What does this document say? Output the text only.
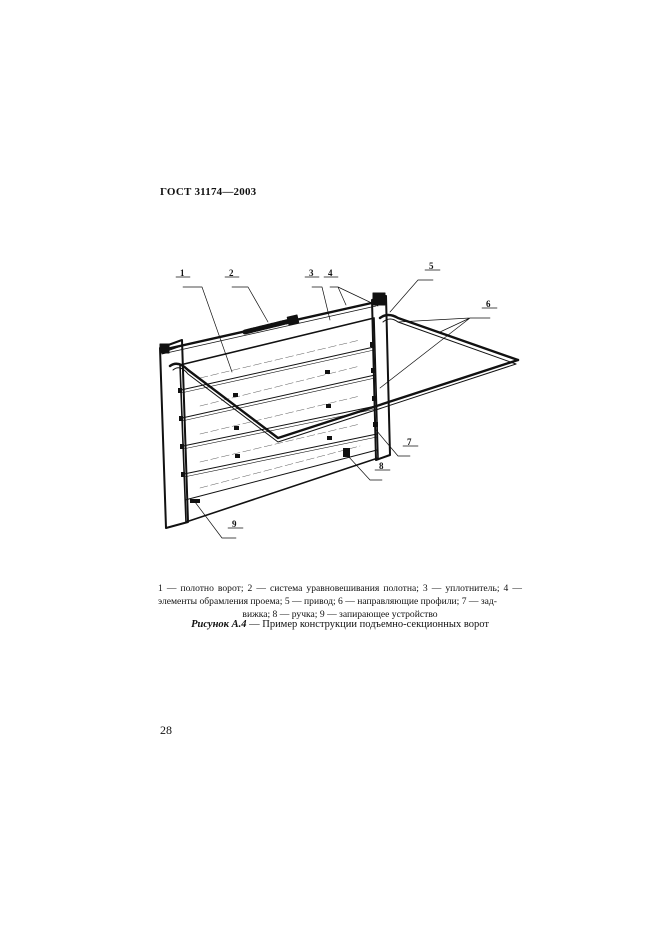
ГОСТ 31174—2003
1	2	3 4
5
6
7
8
9
1 — полотно ворот; 2 — система уравновешивания полотна; 3 — уплотнитель; 4 — элементы обрамления проема; 5 — привод; 6 — направляющие профили; 7 — зад-
вижка; 8 — ручка; 9 — запирающее устройство
Рисунок А.4 — Пример конструкции подъемно-секционных ворот
28
